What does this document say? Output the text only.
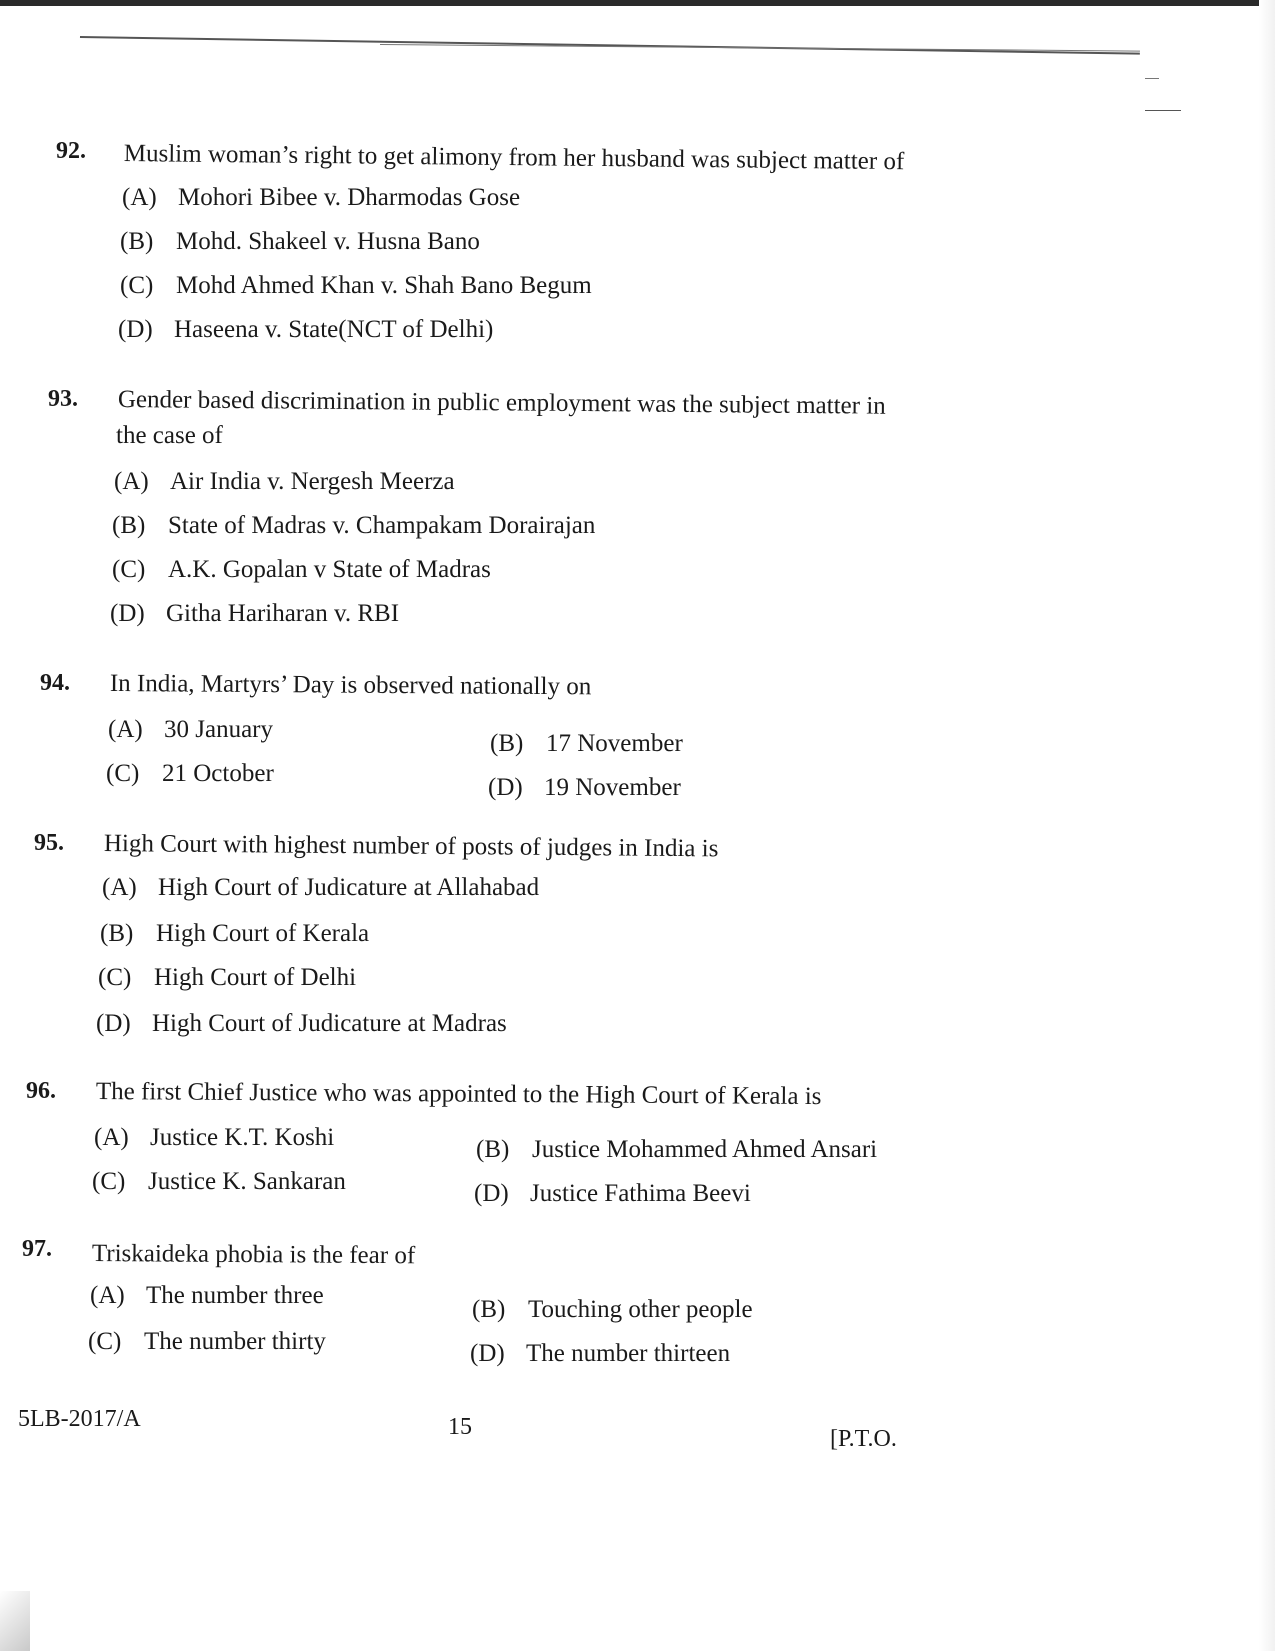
92. Muslim woman’s right to get alimony from her husband was subject matter of
(A) Mohori Bibee v. Dharmodas Gose
(B) Mohd. Shakeel v. Husna Bano
(C) Mohd Ahmed Khan v. Shah Bano Begum
(D) Haseena v. State(NCT of Delhi)
93. Gender based discrimination in public employment was the subject matter in
the case of
(A) Air India v. Nergesh Meerza
(B) State of Madras v. Champakam Dorairajan
(C) A.K. Gopalan v State of Madras
(D) Githa Hariharan v. RBI
94. In India, Martyrs’ Day is observed nationally on
(A) 30 January
(B) 17 November
(C) 21 October
(D) 19 November
95. High Court with highest number of posts of judges in India is
(A) High Court of Judicature at Allahabad
(B) High Court of Kerala
(C) High Court of Delhi
(D) High Court of Judicature at Madras
96. The first Chief Justice who was appointed to the High Court of Kerala is
(A) Justice K.T. Koshi	(B) Justice Mohammed Ahmed Ansari
(C) Justice K. Sankaran	(D) Justice Fathima Beevi
97. Triskaideka phobia is the fear of
(A) The number three
(B) Touching other people
(C) The number thirty	(D) The number thirteen
5LB-2017/A	15	[P.T.O.
